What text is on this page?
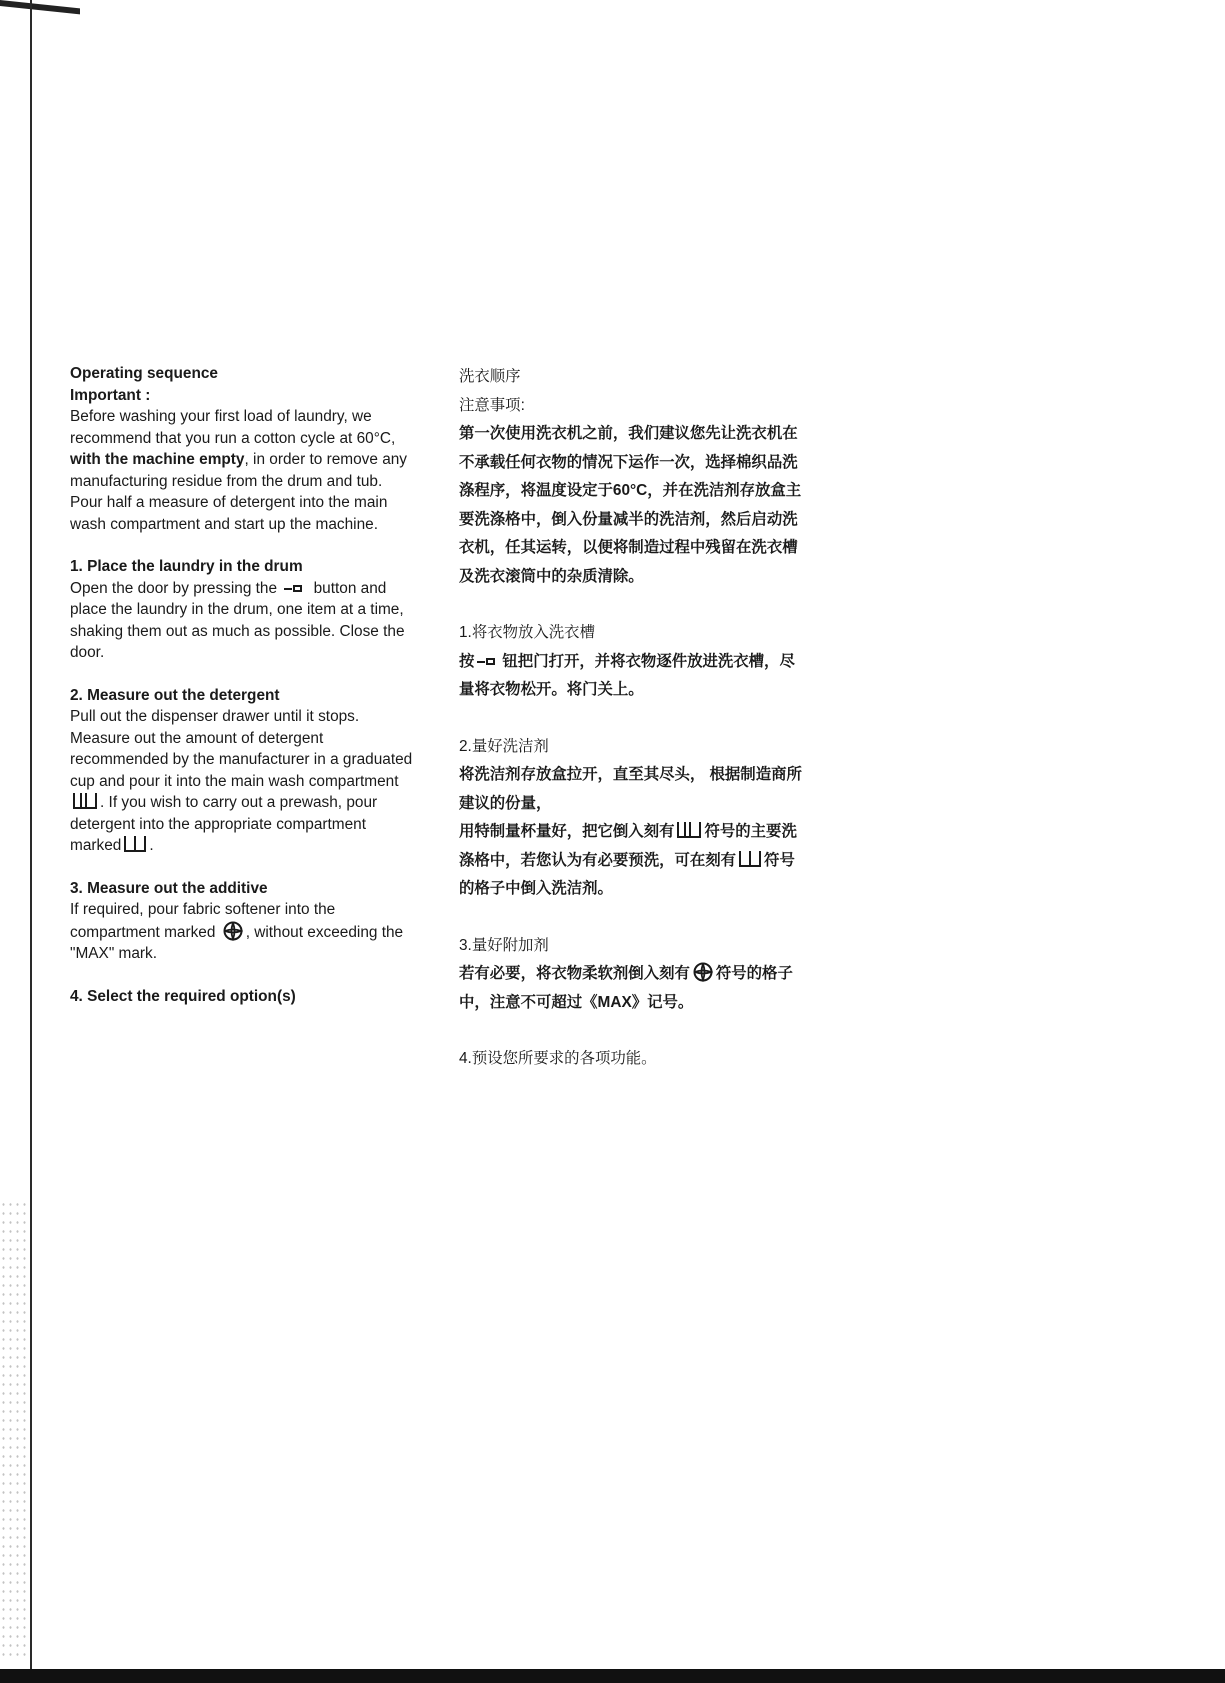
Operating sequence

Important :

Before washing your first load of laundry, we recommend that you run a cotton cycle at 60°C, with the machine empty, in order to remove any manufacturing residue from the drum and tub.

Pour half a measure of detergent into the main wash compartment and start up the machine.

1. Place the laundry in the drum

Open the door by pressing the  button and place the laundry in the drum, one item at a time, shaking them out as much as possible. Close the door.

2. Measure out the detergent

Pull out the dispenser drawer until it stops. Measure out the amount of detergent recommended by the manufacturer in a graduated cup and pour it into the main wash compartment . If you wish to carry out a prewash, pour detergent into the appropriate compartment marked .

3. Measure out the additive

If required, pour fabric softener into the compartment marked
, without exceeding the "MAX" mark.

4. Select the required option(s)

洗衣顺序

注意事项:

第一次使用洗衣机之前，我们建议您先让洗衣机在不承载任何衣物的情况下运作一次，选择棉织品洗涤程序，将温度设定于60°C，并在洗洁剂存放盒主要洗涤格中，倒入份量减半的洗洁剂，然后启动洗衣机，任其运转，以便将制造过程中残留在洗衣槽及洗衣滚筒中的杂质清除。

1.将衣物放入洗衣槽

按 钮把门打开，并将衣物逐件放进洗衣槽，尽量将衣物松开。将门关上。

2.量好洗洁剂

将洗洁剂存放盒拉开，直至其尽头， 根据制造商所建议的份量，

用特制量杯量好，把它倒入刻有 符号的主要洗涤格中，若您认为有必要预洗，可在刻有 符号的格子中倒入洗洁剂。

3.量好附加剂

若有必要，将衣物柔软剂倒入刻有 符号的格子中，注意不可超过《MAX》记号。

4.预设您所要求的各项功能。
